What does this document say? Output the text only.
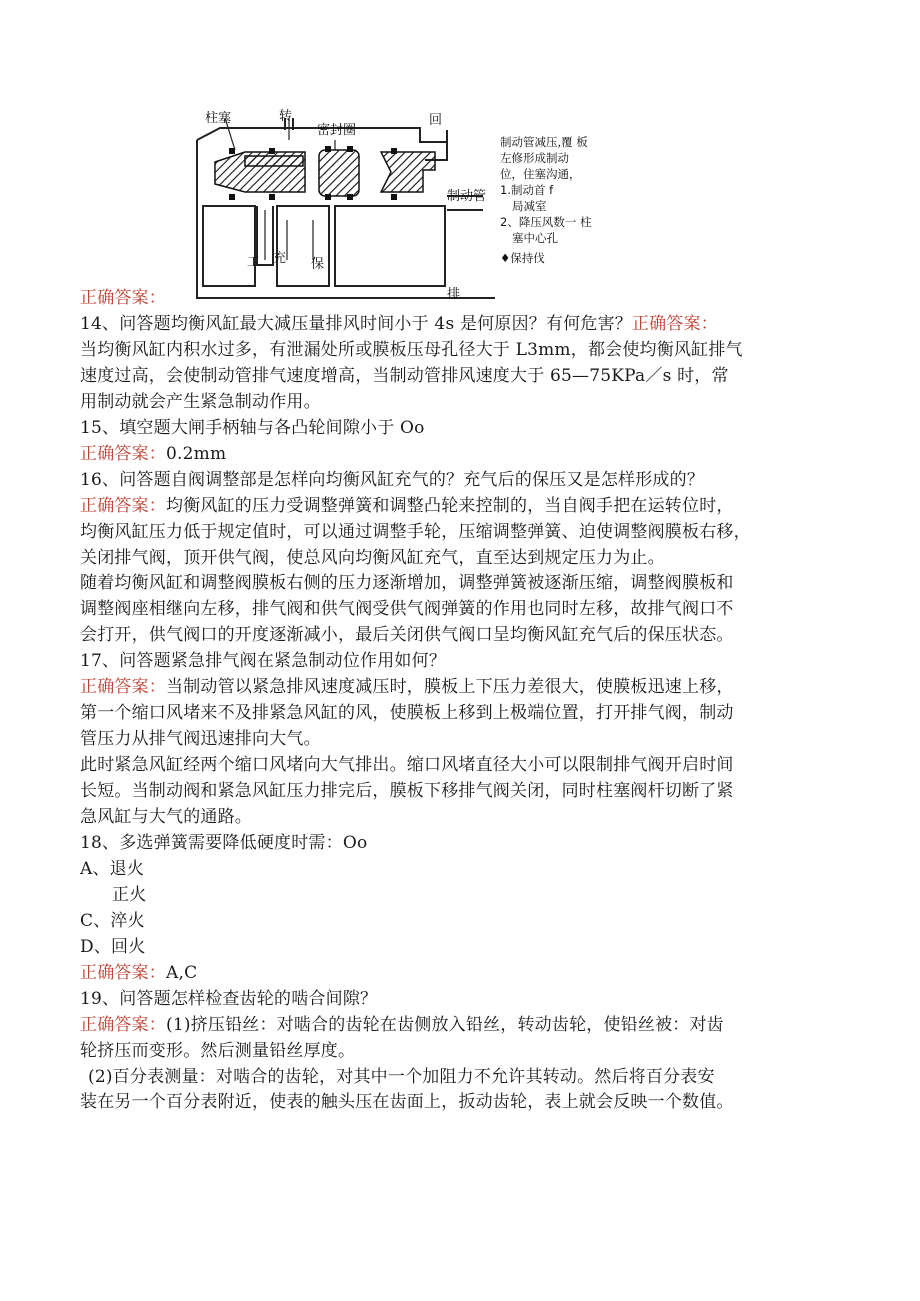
柱塞	转
密封圈
回
制动管
工 充 保
排
制动管减压,覆 板
左修形成制动
位，住塞沟通，
1.制动首 f
局减室
2、降压风数一 柱
塞中心孔
♦保持伐
正确答案：
14、问答题均衡风缸最大减压量排风时间小于 4s 是何原因？有何危害？正确答案：
当均衡风缸内积水过多，有泄漏处所或膜板压母孔径大于 L3mm，都会使均衡风缸排气
速度过高，会使制动管排气速度增高，当制动管排风速度大于 65—75KPa／s 时，常
用制动就会产生紧急制动作用。
15、填空题大闸手柄轴与各凸轮间隙小于 Oo
正确答案：0.2mm
16、问答题自阀调整部是怎样向均衡风缸充气的？充气后的保压又是怎样形成的？
正确答案：均衡风缸的压力受调整弹簧和调整凸轮来控制的，当自阀手把在运转位时，
均衡风缸压力低于规定值时，可以通过调整手轮，压缩调整弹簧、迫使调整阀膜板右移，
关闭排气阀，顶开供气阀，使总风向均衡风缸充气，直至达到规定压力为止。
随着均衡风缸和调整阀膜板右侧的压力逐渐增加，调整弹簧被逐渐压缩，调整阀膜板和
调整阀座相继向左移，排气阀和供气阀受供气阀弹簧的作用也同时左移，故排气阀口不
会打开，供气阀口的开度逐渐减小，最后关闭供气阀口呈均衡风缸充气后的保压状态。
17、问答题紧急排气阀在紧急制动位作用如何？
正确答案：当制动管以紧急排风速度减压时，膜板上下压力差很大，使膜板迅速上移，
第一个缩口风堵来不及排紧急风缸的风，使膜板上移到上极端位置，打开排气阀，制动
管压力从排气阀迅速排向大气。
此时紧急风缸经两个缩口风堵向大气排出。缩口风堵直径大小可以限制排气阀开启时间
长短。当制动阀和紧急风缸压力排完后，膜板下移排气阀关闭，同时柱塞阀杆切断了紧
急风缸与大气的通路。
18、多选弹簧需要降低硬度时需：Oo
A、退火
正火
C、淬火
D、回火
正确答案：A,C
19、问答题怎样检查齿轮的啮合间隙？
正确答案：(1)挤压铅丝：对啮合的齿轮在齿侧放入铅丝，转动齿轮，使铅丝被：对齿
轮挤压而变形。然后测量铅丝厚度。
(2)百分表测量：对啮合的齿轮，对其中一个加阻力不允许其转动。然后将百分表安
装在另一个百分表附近，使表的触头压在齿面上，扳动齿轮，表上就会反映一个数值。
